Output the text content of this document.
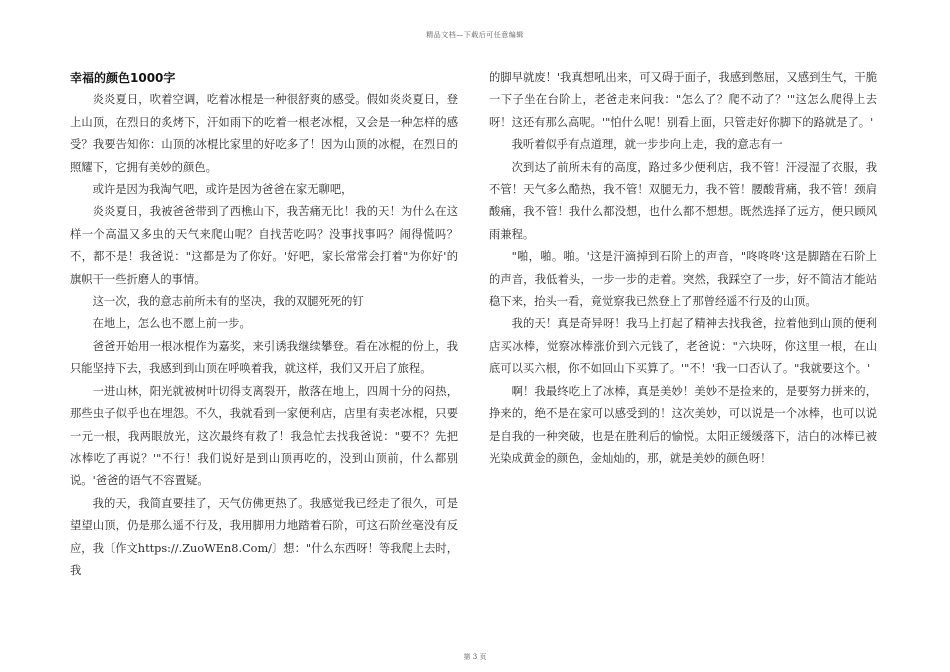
精品文档—下载后可任意编辑
幸福的颜色1000字

炎炎夏日，吹着空调，吃着冰棍是一种很舒爽的感受。假如炎炎夏日，登上山顶，在烈日的炙烤下，汗如雨下的吃着一根老冰棍，又会是一种怎样的感受？我要告知你：山顶的冰棍比家里的好吃多了！因为山顶的冰棍，在烈日的照耀下，它拥有美妙的颜色。

或许是因为我淘气吧，或许是因为爸爸在家无聊吧，

炎炎夏日，我被爸爸带到了西樵山下，我苦痛无比！我的天！为什么在这样一个高温又多虫的天气来爬山呢？自找苦吃吗？没事找事吗？闹得慌吗？不，都不是！我爸说："这都是为了你好。'好吧，家长常常会打着"为你好'的旗帜干一些折磨人的事情。

这一次，我的意志前所未有的坚决，我的双腿死死的钉

在地上，怎么也不愿上前一步。

爸爸开始用一根冰棍作为嘉奖，来引诱我继续攀登。看在冰棍的份上，我只能坚持下去，我感到到山顶在呼唤着我，就这样，我们又开启了旅程。

一进山林，阳光就被树叶切得支离裂开，散落在地上，四周十分的闷热，那些虫子似乎也在埋怨。不久，我就看到一家便利店，店里有卖老冰棍，只要一元一根，我两眼放光，这次最终有救了！我急忙去找我爸说："要不？先把冰棒吃了再说？'"不行！我们说好是到山顶再吃的，没到山顶前，什么都别说。'爸爸的语气不容置疑。

我的天，我简直要挂了，天气仿佛更热了。我感觉我已经走了很久，可是望望山顶，仍是那么遥不行及，我用脚用力地踏着石阶，可这石阶丝毫没有反应，我〔作文https://.ZuoWEn8.Com/〕想："什么东西呀！等我爬上去时，我

的脚早就废！'我真想吼出来，可又碍于面子，我感到憋屈，又感到生气，干脆一下子坐在台阶上，老爸走来问我："怎么了？爬不动了？'"这怎么爬得上去呀！这还有那么高呢。'"怕什么呢！别看上面，只管走好你脚下的路就是了。'

我听着似乎有点道理，就一步步向上走，我的意志有一

次到达了前所未有的高度，路过多少便利店，我不管！汗浸湿了衣服，我不管！天气多么酷热，我不管！双腿无力，我不管！腰酸背痛，我不管！颈肩酸痛，我不管！我什么都没想，也什么都不想想。既然选择了远方，便只顾风雨兼程。

"啪，啪。啪。'这是汗滴掉到石阶上的声音，"咚咚咚'这是脚踏在石阶上的声音，我低着头，一步一步的走着。突然，我踩空了一步，好不简洁才能站稳下来，抬头一看，竟觉察我已然登上了那曾经遥不行及的山顶。

我的天！真是奇异呀！我马上打起了精神去找我爸，拉着他到山顶的便利店买冰棒，觉察冰棒涨价到六元钱了，老爸说："六块呀，你这里一根，在山底可以买六根，你不如回山下买算了。'"不！'我一口否认了。"我就要这个。'

啊！我最终吃上了冰棒，真是美妙！美妙不是捡来的，是要努力拼来的，挣来的，绝不是在家可以感受到的！这次美妙，可以说是一个冰棒，也可以说是自我的一种突破，也是在胜利后的愉悦。太阳正缓缓落下，洁白的冰棒已被光染成黄金的颜色，金灿灿的，那，就是美妙的颜色呀！

第 3 页
